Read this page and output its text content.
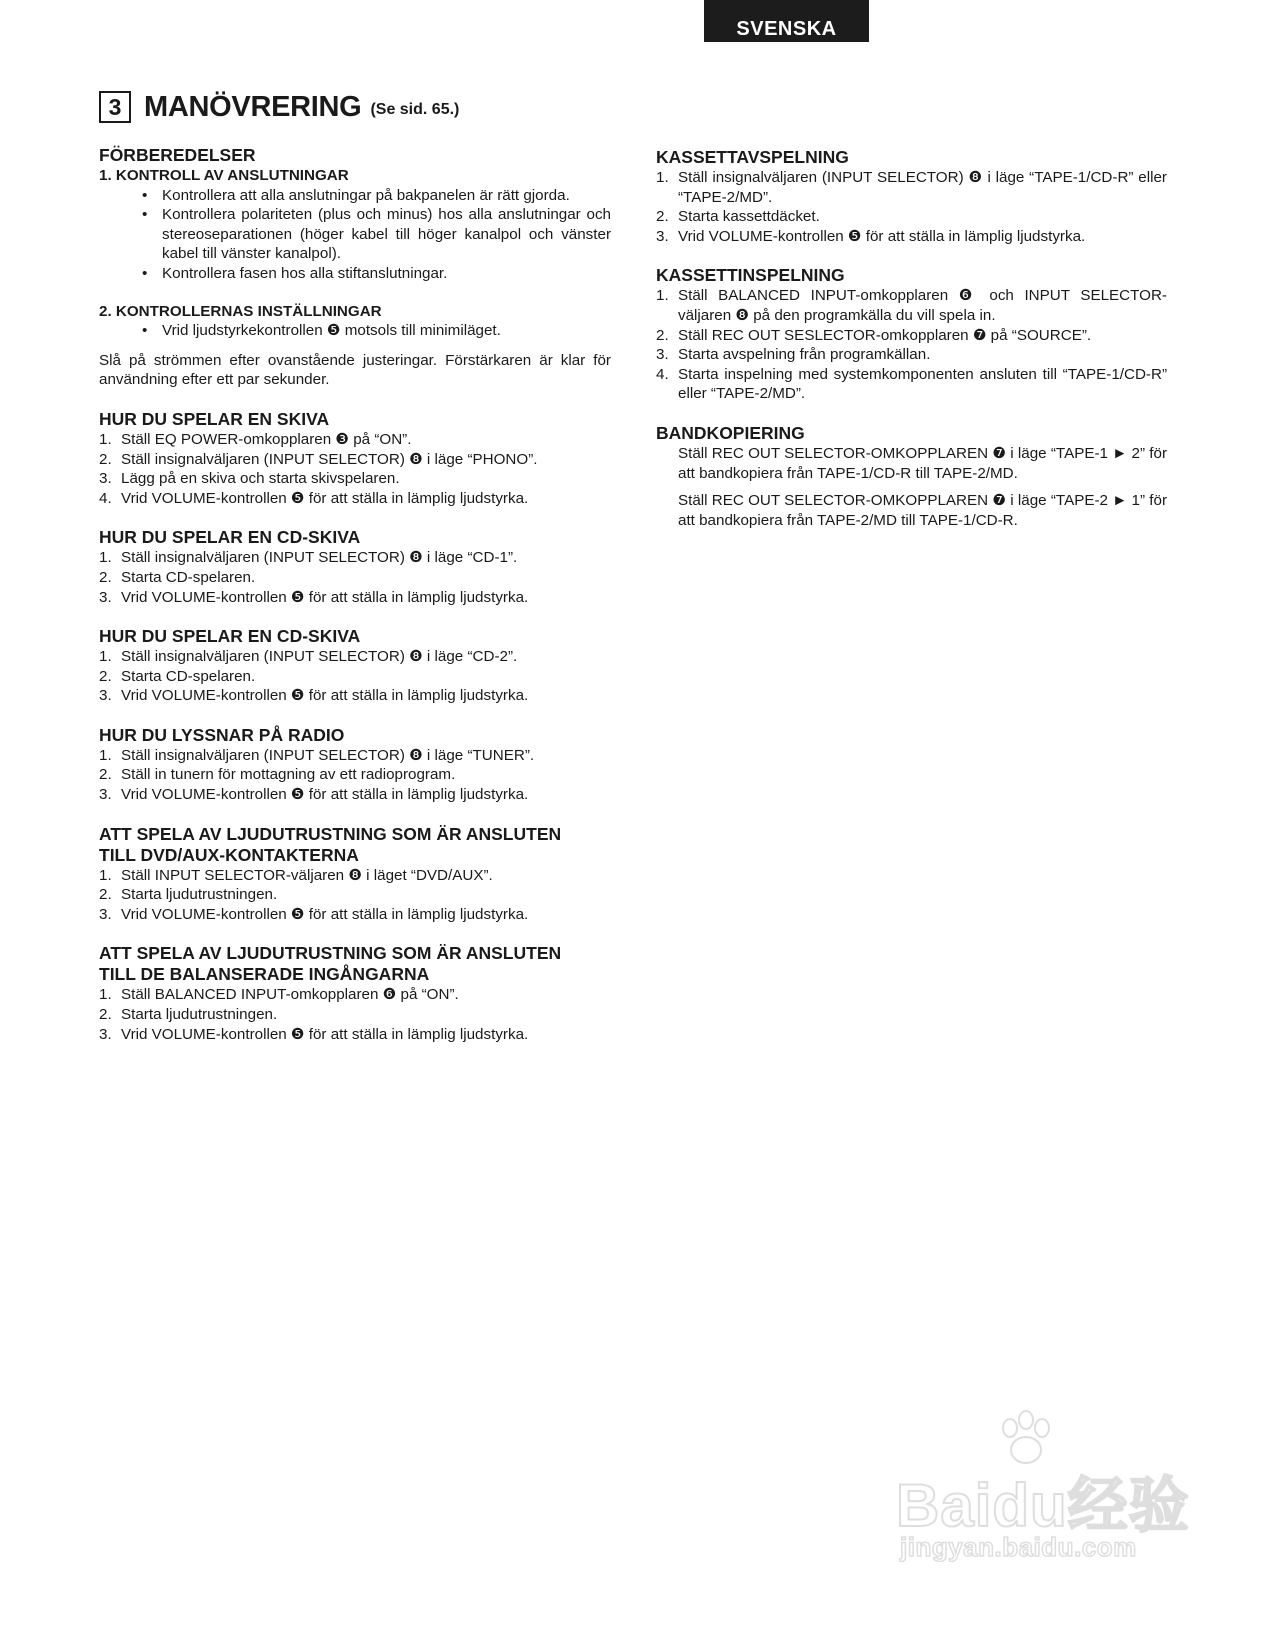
SVENSKA
3 MANÖVRERING (Se sid. 65.)
FÖRBEREDELSER
1. KONTROLL AV ANSLUTNINGAR
• Kontrollera att alla anslutningar på bakpanelen är rätt gjorda.
• Kontrollera polariteten (plus och minus) hos alla anslutningar och stereoseparationen (höger kabel till höger kanalpol och vänster kabel till vänster kanalpol).
• Kontrollera fasen hos alla stiftanslutningar.
2. KONTROLLERNAS INSTÄLLNINGAR
• Vrid ljudstyrkekontrollen ❺ motsols till minimiläget.

Slå på strömmen efter ovanstående justeringar. Förstärkaren är klar för användning efter ett par sekunder.

HUR DU SPELAR EN SKIVA
1. Ställ EQ POWER-omkopplaren ❸ på “ON”.
2. Ställ insignalväljaren (INPUT SELECTOR) ❽ i läge “PHONO”.
3. Lägg på en skiva och starta skivspelaren.
4. Vrid VOLUME-kontrollen ❺ för att ställa in lämplig ljudstyrka.
HUR DU SPELAR EN CD-SKIVA
1. Ställ insignalväljaren (INPUT SELECTOR) ❽ i läge “CD-1”.
2. Starta CD-spelaren.
3. Vrid VOLUME-kontrollen ❺ för att ställa in lämplig ljudstyrka.
HUR DU SPELAR EN CD-SKIVA
1. Ställ insignalväljaren (INPUT SELECTOR) ❽ i läge “CD-2”.
2. Starta CD-spelaren.
3. Vrid VOLUME-kontrollen ❺ för att ställa in lämplig ljudstyrka.
HUR DU LYSSNAR PÅ RADIO
1. Ställ insignalväljaren (INPUT SELECTOR) ❽ i läge “TUNER”.
2. Ställ in tunern för mottagning av ett radioprogram.
3. Vrid VOLUME-kontrollen ❺ för att ställa in lämplig ljudstyrka.
ATT SPELA AV LJUDUTRUSTNING SOM ÄR ANSLUTEN
TILL DVD/AUX-KONTAKTERNA
1. Ställ INPUT SELECTOR-väljaren ❽ i läget “DVD/AUX”.
2. Starta ljudutrustningen.
3. Vrid VOLUME-kontrollen ❺ för att ställa in lämplig ljudstyrka.
ATT SPELA AV LJUDUTRUSTNING SOM ÄR ANSLUTEN
TILL DE BALANSERADE INGÅNGARNA
1. Ställ BALANCED INPUT-omkopplaren ❻ på “ON”.
2. Starta ljudutrustningen.
3. Vrid VOLUME-kontrollen ❺ för att ställa in lämplig ljudstyrka.
KASSETTAVSPELNING
1. Ställ insignalväljaren (INPUT SELECTOR) ❽ i läge “TAPE-1/CD-R” eller “TAPE-2/MD”.
2. Starta kassettdäcket.
3. Vrid VOLUME-kontrollen ❺ för att ställa in lämplig ljudstyrka.
KASSETTINSPELNING
1. Ställ BALANCED INPUT-omkopplaren ❻ och INPUT SELECTOR-väljaren ❽ på den programkälla du vill spela in.
2. Ställ REC OUT SESLECTOR-omkopplaren ❼ på “SOURCE”.
3. Starta avspelning från programkällan.
4. Starta inspelning med systemkomponenten ansluten till “TAPE-1/CD-R” eller “TAPE-2/MD”.
BANDKOPIERING

Ställ REC OUT SELECTOR-OMKOPPLAREN ❼ i läge “TAPE-1 ► 2” för att bandkopiera från TAPE-1/CD-R till TAPE-2/MD.

Ställ REC OUT SELECTOR-OMKOPPLAREN ❼ i läge “TAPE-2 ► 1” för att bandkopiera från TAPE-2/MD till TAPE-1/CD-R.

Baidu经验
jingyan.baidu.com
